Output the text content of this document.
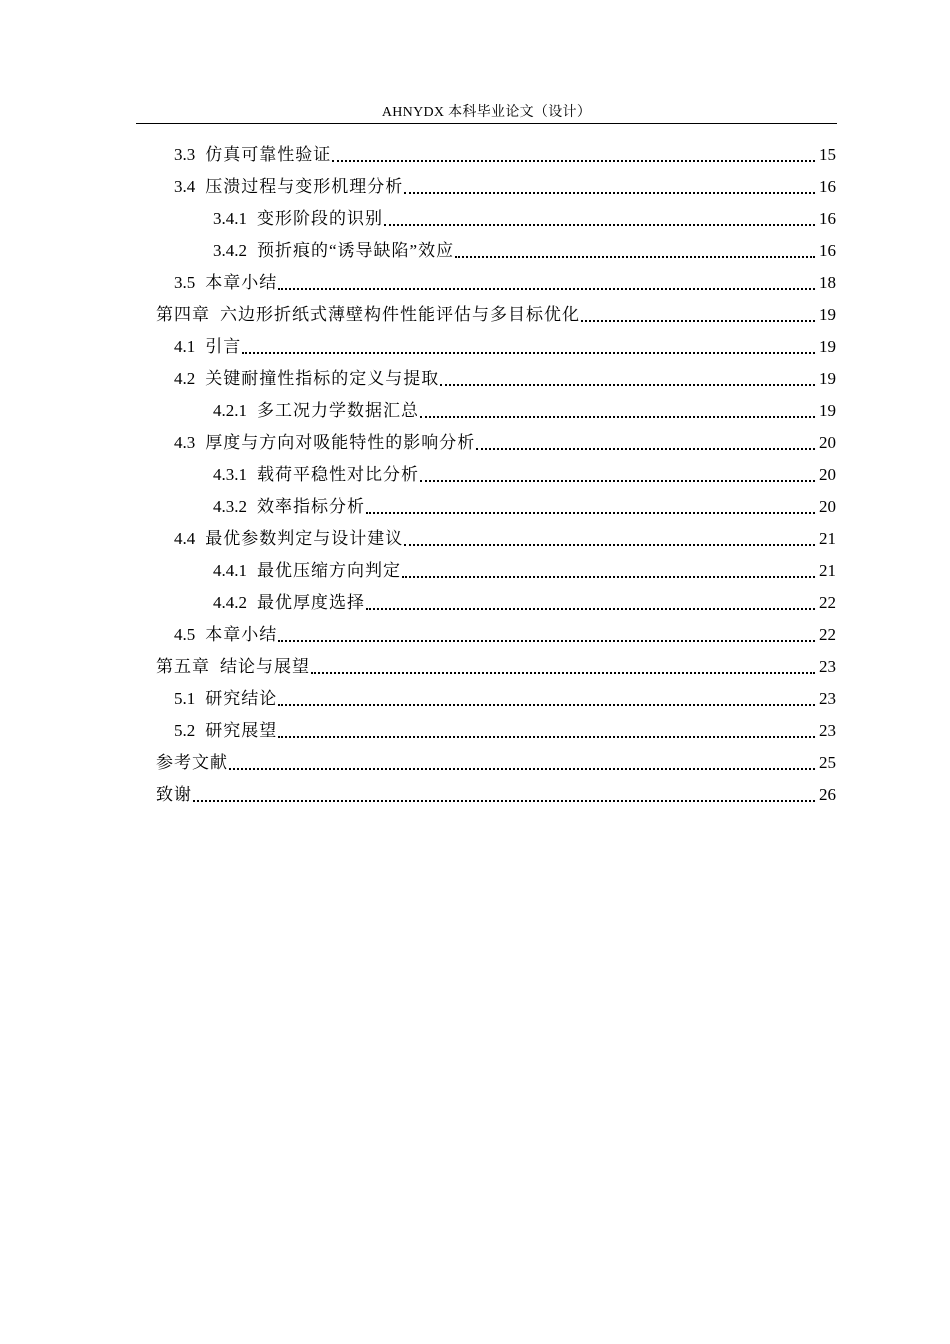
AHNYDX 本科毕业论文（设计）
3.3 仿真可靠性验证	15
3.4 压溃过程与变形机理分析	16
3.4.1 变形阶段的识别	16
3.4.2 预折痕的“诱导缺陷”效应	16
3.5 本章小结	18
第四章 六边形折纸式薄壁构件性能评估与多目标优化	19
4.1 引言	19
4.2 关键耐撞性指标的定义与提取	19
4.2.1 多工况力学数据汇总	19
4.3 厚度与方向对吸能特性的影响分析	20
4.3.1 载荷平稳性对比分析	20
4.3.2 效率指标分析	20
4.4 最优参数判定与设计建议	21
4.4.1 最优压缩方向判定	21
4.4.2 最优厚度选择	22
4.5 本章小结	22
第五章 结论与展望	23
5.1 研究结论	23
5.2 研究展望	23
参考文献	25
致谢	26
